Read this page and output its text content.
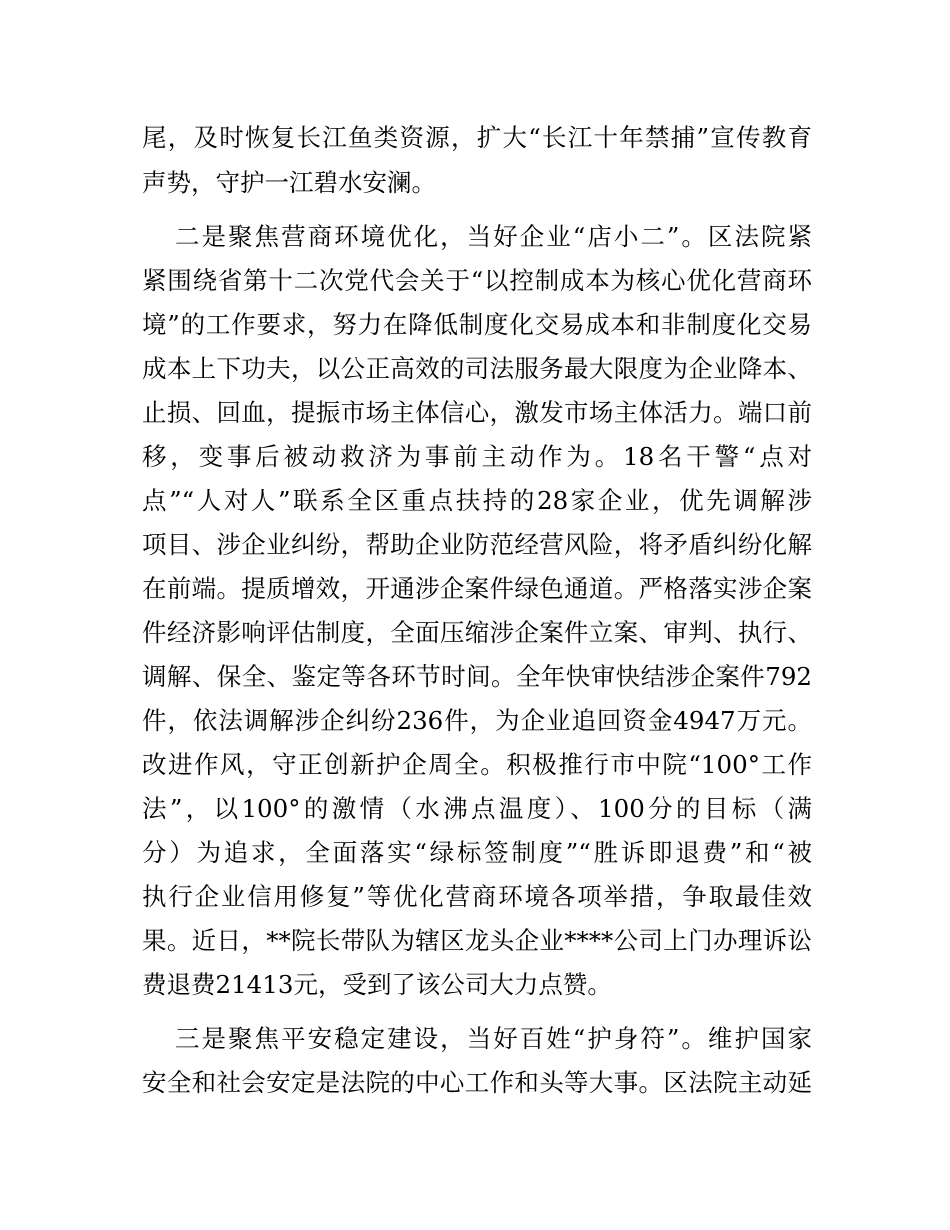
尾，及时恢复长江鱼类资源，扩大“长江十年禁捕”宣传教育
声势，守护一江碧水安澜。
二是聚焦营商环境优化，当好企业“店小二”。区法院紧
紧围绕省第十二次党代会关于“以控制成本为核心优化营商环
境”的工作要求，努力在降低制度化交易成本和非制度化交易
成本上下功夫，以公正高效的司法服务最大限度为企业降本、
止损、回血，提振市场主体信心，激发市场主体活力。端口前
移，变事后被动救济为事前主动作为。18名干警“点对
点”“人对人”联系全区重点扶持的28家企业，优先调解涉
项目、涉企业纠纷，帮助企业防范经营风险，将矛盾纠纷化解
在前端。提质增效，开通涉企案件绿色通道。严格落实涉企案
件经济影响评估制度，全面压缩涉企案件立案、审判、执行、
调解、保全、鉴定等各环节时间。全年快审快结涉企案件792
件，依法调解涉企纠纷236件，为企业追回资金4947万元。
改进作风，守正创新护企周全。积极推行市中院“100°工作
法”，以100°的激情（水沸点温度）、100分的目标（满
分）为追求，全面落实“绿标签制度”“胜诉即退费”和“被
执行企业信用修复”等优化营商环境各项举措，争取最佳效
果。近日，**院长带队为辖区龙头企业****公司上门办理诉讼
费退费21413元，受到了该公司大力点赞。
三是聚焦平安稳定建设，当好百姓“护身符”。维护国家
安全和社会安定是法院的中心工作和头等大事。区法院主动延
